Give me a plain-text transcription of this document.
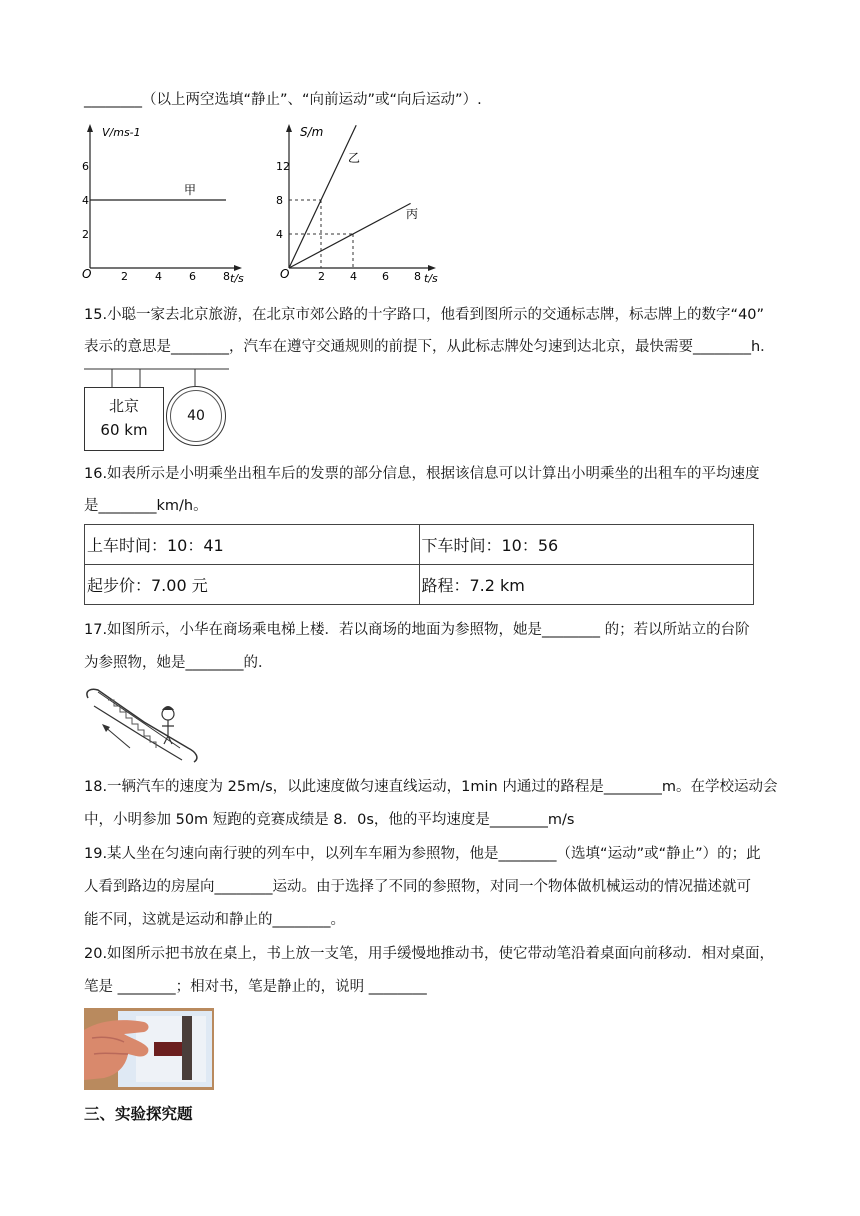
________（以上两空选填“静止”、“向前运动”或“向后运动”）.
V/ms-1
O	t/s
2
4
6
2 4 6 8
甲
S/m
O	t/s
4
8
12
2 4 6 8
乙
丙
15.小聪一家去北京旅游，在北京市郊公路的十字路口，他看到图所示的交通标志牌，标志牌上的数字“40”
表示的意思是________，汽车在遵守交通规则的前提下，从此标志牌处匀速到达北京，最快需要________h．
北京
60 km
40
16.如表所示是小明乘坐出租车后的发票的部分信息，根据该信息可以计算出小明乘坐的出租车的平均速度
是________km/h。
上车时间：10：41	下车时间：10：56
起步价：7.00 元	路程：7.2 km
17.如图所示，小华在商场乘电梯上楼．若以商场的地面为参照物，她是________ 的；若以所站立的台阶
为参照物，她是________的．
18.一辆汽车的速度为 25m/s，以此速度做匀速直线运动，1min 内通过的路程是________m。在学校运动会
中，小明参加 50m 短跑的竞赛成绩是 8．0s，他的平均速度是________m/s
19.某人坐在匀速向南行驶的列车中，以列车车厢为参照物，他是________（选填“运动”或“静止”）的；此
人看到路边的房屋向________运动。由于选择了不同的参照物，对同一个物体做机械运动的情况描述就可
能不同，这就是运动和静止的________。
20.如图所示把书放在桌上，书上放一支笔，用手缓慢地推动书，使它带动笔沿着桌面向前移动．相对桌面，
笔是 ________；相对书，笔是静止的，说明 ________
三、实验探究题
